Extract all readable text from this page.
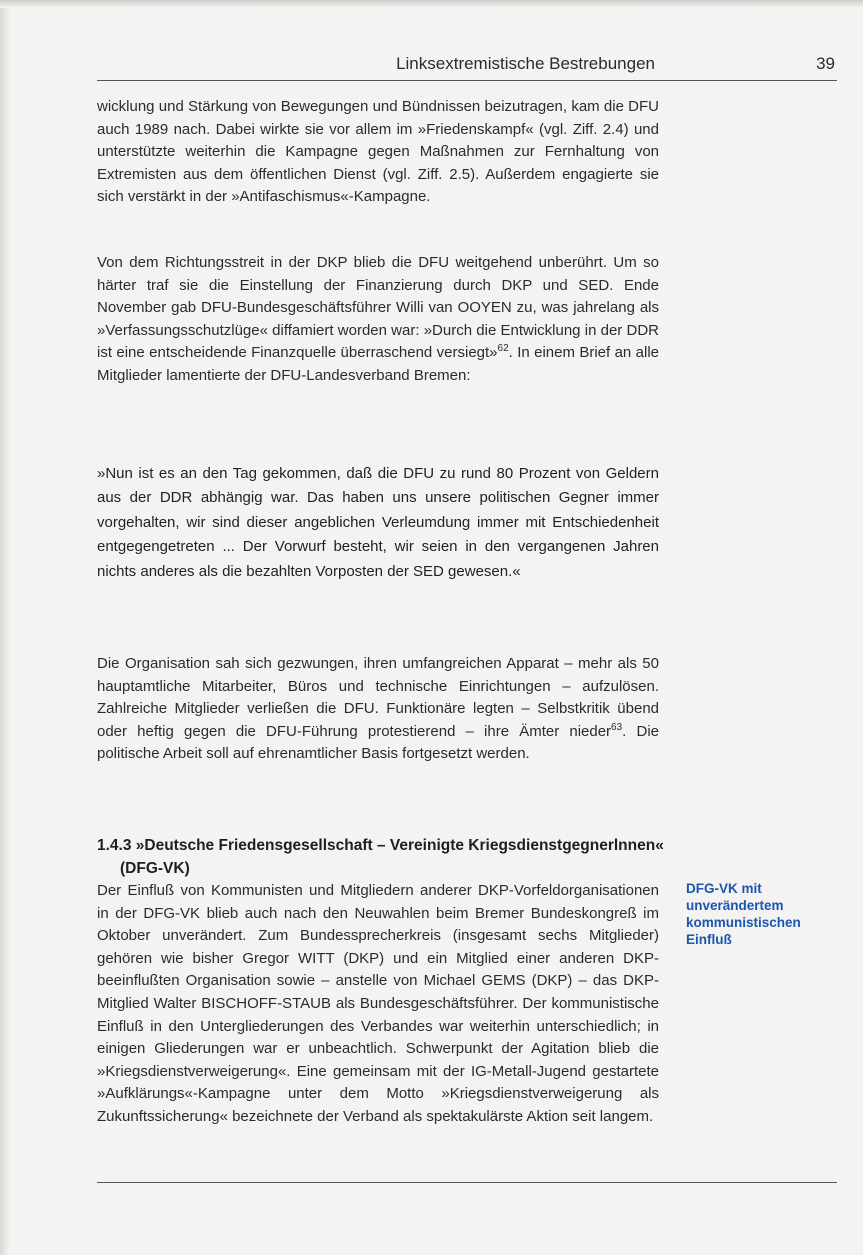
Linksextremistische Bestrebungen	39

wicklung und Stärkung von Bewegungen und Bündnissen beizutragen, kam die DFU auch 1989 nach. Dabei wirkte sie vor allem im »Friedenskampf« (vgl. Ziff. 2.4) und unterstützte weiterhin die Kampagne gegen Maßnahmen zur Fernhaltung von Extremisten aus dem öffentlichen Dienst (vgl. Ziff. 2.5). Außerdem engagierte sie sich verstärkt in der »Antifaschismus«-Kampagne.

Von dem Richtungsstreit in der DKP blieb die DFU weitgehend unberührt. Um so härter traf sie die Einstellung der Finanzierung durch DKP und SED. Ende November gab DFU-Bundesgeschäftsführer Willi van OOYEN zu, was jahrelang als »Verfassungsschutzlüge« diffamiert worden war: »Durch die Entwicklung in der DDR ist eine entscheidende Finanzquelle überraschend versiegt»$^{62}$. In einem Brief an alle Mitglieder lamentierte der DFU-Landesverband Bremen:

»Nun ist es an den Tag gekommen, daß die DFU zu rund 80 Prozent von Geldern aus der DDR abhängig war. Das haben uns unsere politischen Gegner immer vorgehalten, wir sind dieser angeblichen Verleumdung immer mit Entschiedenheit entgegengetreten ... Der Vorwurf besteht, wir seien in den vergangenen Jahren nichts anderes als die bezahlten Vorposten der SED gewesen.«

Die Organisation sah sich gezwungen, ihren umfangreichen Apparat – mehr als 50 hauptamtliche Mitarbeiter, Büros und technische Einrichtungen – aufzulösen. Zahlreiche Mitglieder verließen die DFU. Funktionäre legten – Selbstkritik übend oder heftig gegen die DFU-Führung protestierend – ihre Ämter nieder$^{63}$. Die politische Arbeit soll auf ehrenamtlicher Basis fortgesetzt werden.

1.4.3 »Deutsche Friedensgesellschaft – Vereinigte Kriegsdienstgegnerlnnen« (DFG-VK)

Der Einfluß von Kommunisten und Mitgliedern anderer DKP-Vorfeldorganisationen in der DFG-VK blieb auch nach den Neuwahlen beim Bremer Bundeskongreß im Oktober unverändert. Zum Bundessprecherkreis (insgesamt sechs Mitglieder) gehören wie bisher Gregor WITT (DKP) und ein Mitglied einer anderen DKP-beeinflußten Organisation sowie – anstelle von Michael GEMS (DKP) – das DKP-Mitglied Walter BISCHOFF-STAUB als Bundesgeschäftsführer. Der kommunistische Einfluß in den Untergliederungen des Verbandes war weiterhin unterschiedlich; in einigen Gliederungen war er unbeachtlich. Schwerpunkt der Agitation blieb die »Kriegsdienstverweigerung«. Eine gemeinsam mit der IG-Metall-Jugend gestartete »Aufklärungs«-Kampagne unter dem Motto »Kriegsdienstverweigerung als Zukunftssicherung« bezeichnete der Verband als spektakulärste Aktion seit langem.

DFG-VK mit
unverändertem
kommunistischen
Einfluß
